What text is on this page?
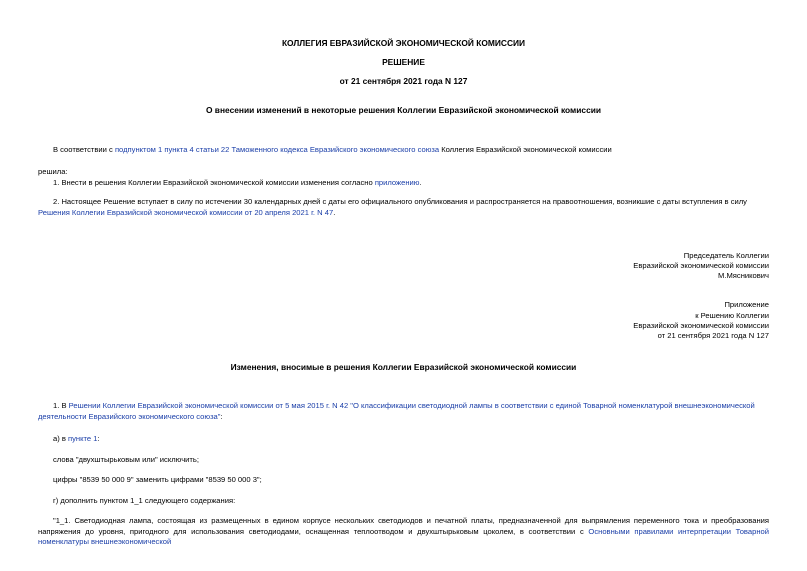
КОЛЛЕГИЯ ЕВРАЗИЙСКОЙ ЭКОНОМИЧЕСКОЙ КОМИССИИ
РЕШЕНИЕ
от 21 сентября 2021 года N 127
О внесении изменений в некоторые решения Коллегии Евразийской экономической комиссии
В соответствии с подпунктом 1 пункта 4 статьи 22 Таможенного кодекса Евразийского экономического союза Коллегия Евразийской экономической комиссии
решила:
1. Внести в решения Коллегии Евразийской экономической комиссии изменения согласно приложению.
2. Настоящее Решение вступает в силу по истечении 30 календарных дней с даты его официального опубликования и распространяется на правоотношения, возникшие с даты вступления в силу Решения Коллегии Евразийской экономической комиссии от 20 апреля 2021 г. N 47.
Председатель Коллегии
Евразийской экономической комиссии
М.Мясникович
Приложение
к Решению Коллегии
Евразийской экономической комиссии
от 21 сентября 2021 года N 127
Изменения, вносимые в решения Коллегии Евразийской экономической комиссии
1. В Решении Коллегии Евразийской экономической комиссии от 5 мая 2015 г. N 42 "О классификации светодиодной лампы в соответствии с единой Товарной номенклатурой внешнеэкономической деятельности Евразийского экономического союза":
а) в пункте 1:
слова "двухштырьковым или" исключить;
цифры "8539 50 000 9" заменить цифрами "8539 50 000 3";
г) дополнить пунктом 1_1 следующего содержания:
"1_1. Светодиодная лампа, состоящая из размещенных в едином корпусе нескольких светодиодов и печатной платы, предназначенной для выпрямления переменного тока и преобразования напряжения до уровня, пригодного для использования светодиодами, оснащенная теплоотводом и двухштырьковым цоколем, в соответствии с Основными правилами интерпретации Товарной номенклатуры внешнеэкономической
